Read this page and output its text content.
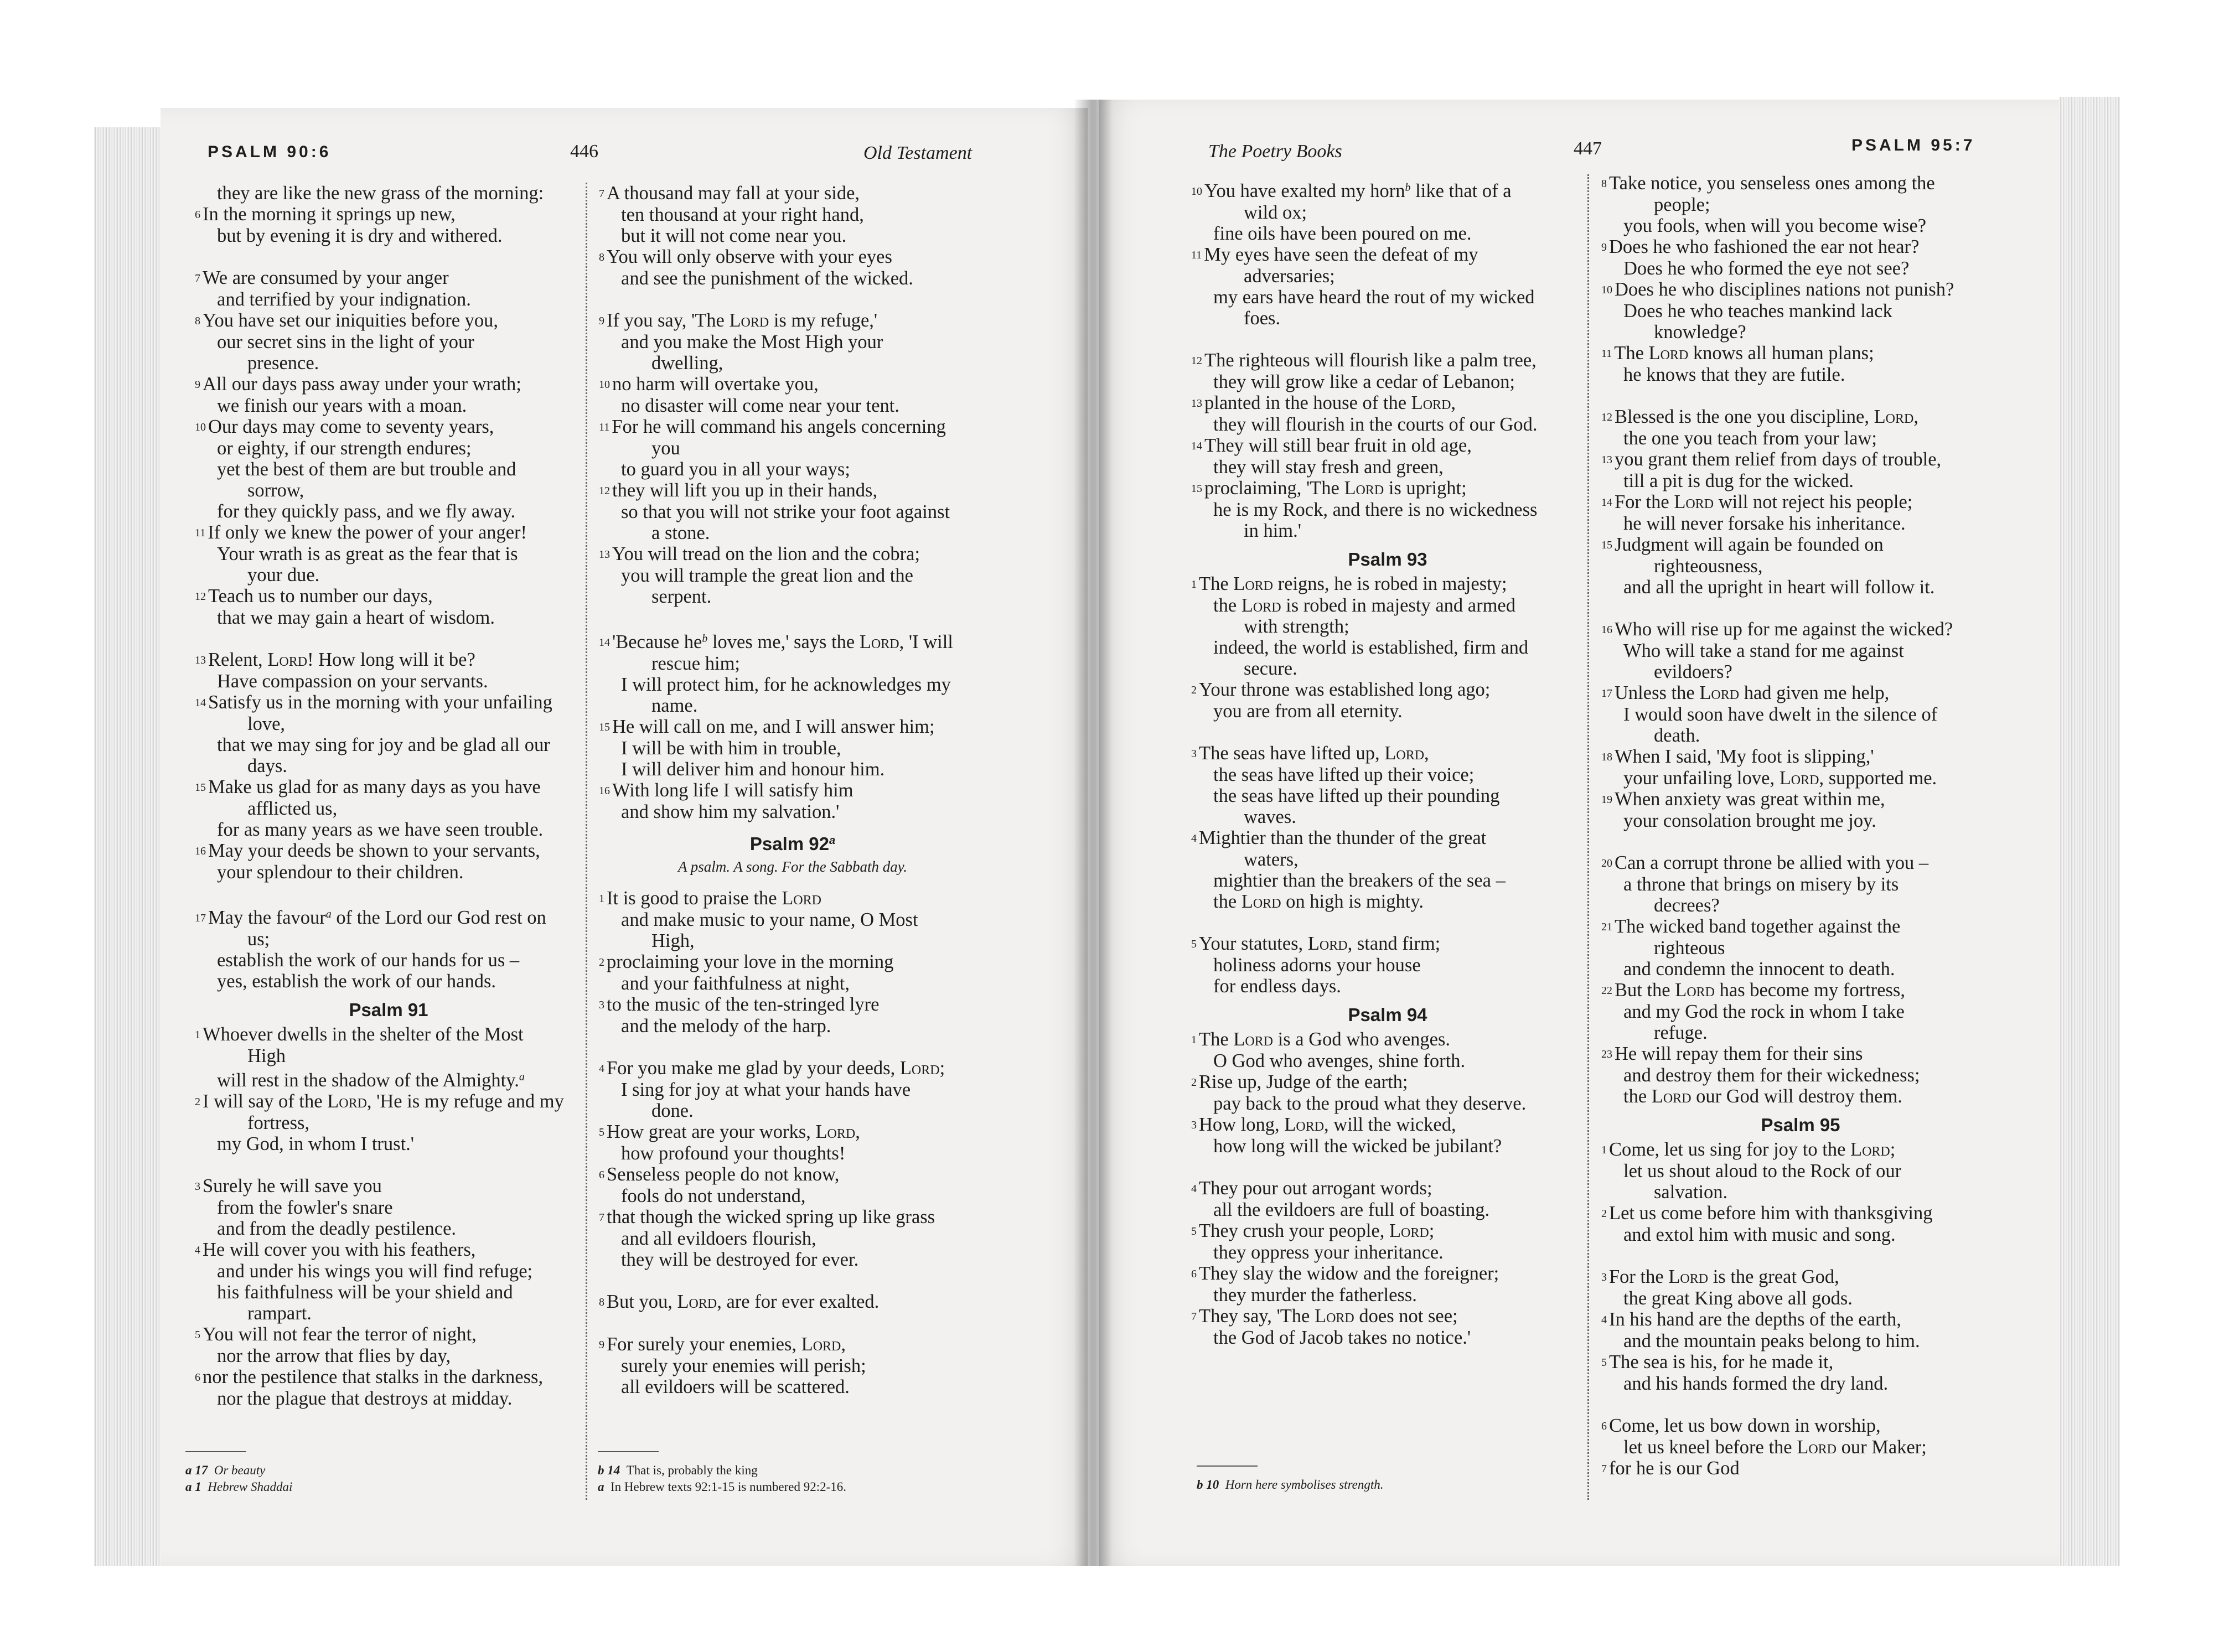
PSALM 90:6	446	Old Testament	The Poetry Books	447	PSALM 95:7
they are like the new grass of the morning:
6 In the morning it springs up new,
but by evening it is dry and withered.
7 We are consumed by your anger
and terrified by your indignation.
8 You have set our iniquities before you,
our secret sins in the light of your
presence.
9 All our days pass away under your wrath;
we finish our years with a moan.
10 Our days may come to seventy years,
or eighty, if our strength endures;
yet the best of them are but trouble and
sorrow,
for they quickly pass, and we fly away.
11 If only we knew the power of your anger!
Your wrath is as great as the fear that is
your due.
12 Teach us to number our days,
that we may gain a heart of wisdom.
13 Relent, Lord! How long will it be?
Have compassion on your servants.
14 Satisfy us in the morning with your unfailing
love,
that we may sing for joy and be glad all our
days.
15 Make us glad for as many days as you have
afflicted us,
for as many years as we have seen trouble.
16 May your deeds be shown to your servants,
your splendour to their children.
17 May the favour$^a$ of the Lord our God rest on
us;
establish the work of our hands for us –
yes, establish the work of our hands.
Psalm 91
1 Whoever dwells in the shelter of the Most
High
will rest in the shadow of the Almighty.$^a$
2 I will say of the Lord, 'He is my refuge and my
fortress,
my God, in whom I trust.'
3 Surely he will save you
from the fowler's snare
and from the deadly pestilence.
4 He will cover you with his feathers,
and under his wings you will find refuge;
his faithfulness will be your shield and
rampart.
5 You will not fear the terror of night,
nor the arrow that flies by day,
6 nor the pestilence that stalks in the darkness,
nor the plague that destroys at midday.
7 A thousand may fall at your side,
ten thousand at your right hand,
but it will not come near you.
8 You will only observe with your eyes
and see the punishment of the wicked.
9 If you say, 'The Lord is my refuge,'
and you make the Most High your
dwelling,
10 no harm will overtake you,
no disaster will come near your tent.
11 For he will command his angels concerning
you
to guard you in all your ways;
12 they will lift you up in their hands,
so that you will not strike your foot against
a stone.
13 You will tread on the lion and the cobra;
you will trample the great lion and the
serpent.
14 'Because he$^b$ loves me,' says the Lord, 'I will
rescue him;
I will protect him, for he acknowledges my
name.
15 He will call on me, and I will answer him;
I will be with him in trouble,
I will deliver him and honour him.
16 With long life I will satisfy him
and show him my salvation.'
Psalm 92$^a$
A psalm. A song. For the Sabbath day.
1 It is good to praise the Lord
and make music to your name, O Most
High,
2 proclaiming your love in the morning
and your faithfulness at night,
3 to the music of the ten-stringed lyre
and the melody of the harp.
4 For you make me glad by your deeds, Lord;
I sing for joy at what your hands have
done.
5 How great are your works, Lord,
how profound your thoughts!
6 Senseless people do not know,
fools do not understand,
7 that though the wicked spring up like grass
and all evildoers flourish,
they will be destroyed for ever.
8 But you, Lord, are for ever exalted.
9 For surely your enemies, Lord,
surely your enemies will perish;
all evildoers will be scattered.
10 You have exalted my horn$^b$ like that of a
wild ox;
fine oils have been poured on me.
11 My eyes have seen the defeat of my
adversaries;
my ears have heard the rout of my wicked
foes.
12 The righteous will flourish like a palm tree,
they will grow like a cedar of Lebanon;
13 planted in the house of the Lord,
they will flourish in the courts of our God.
14 They will still bear fruit in old age,
they will stay fresh and green,
15 proclaiming, 'The Lord is upright;
he is my Rock, and there is no wickedness
in him.'
Psalm 93
1 The Lord reigns, he is robed in majesty;
the Lord is robed in majesty and armed
with strength;
indeed, the world is established, firm and
secure.
2 Your throne was established long ago;
you are from all eternity.
3 The seas have lifted up, Lord,
the seas have lifted up their voice;
the seas have lifted up their pounding
waves.
4 Mightier than the thunder of the great
waters,
mightier than the breakers of the sea –
the Lord on high is mighty.
5 Your statutes, Lord, stand firm;
holiness adorns your house
for endless days.
Psalm 94
1 The Lord is a God who avenges.
O God who avenges, shine forth.
2 Rise up, Judge of the earth;
pay back to the proud what they deserve.
3 How long, Lord, will the wicked,
how long will the wicked be jubilant?
4 They pour out arrogant words;
all the evildoers are full of boasting.
5 They crush your people, Lord;
they oppress your inheritance.
6 They slay the widow and the foreigner;
they murder the fatherless.
7 They say, 'The Lord does not see;
the God of Jacob takes no notice.'
8 Take notice, you senseless ones among the
people;
you fools, when will you become wise?
9 Does he who fashioned the ear not hear?
Does he who formed the eye not see?
10 Does he who disciplines nations not punish?
Does he who teaches mankind lack
knowledge?
11 The Lord knows all human plans;
he knows that they are futile.
12 Blessed is the one you discipline, Lord,
the one you teach from your law;
13 you grant them relief from days of trouble,
till a pit is dug for the wicked.
14 For the Lord will not reject his people;
he will never forsake his inheritance.
15 Judgment will again be founded on
righteousness,
and all the upright in heart will follow it.
16 Who will rise up for me against the wicked?
Who will take a stand for me against
evildoers?
17 Unless the Lord had given me help,
I would soon have dwelt in the silence of
death.
18 When I said, 'My foot is slipping,'
your unfailing love, Lord, supported me.
19 When anxiety was great within me,
your consolation brought me joy.
20 Can a corrupt throne be allied with you –
a throne that brings on misery by its
decrees?
21 The wicked band together against the
righteous
and condemn the innocent to death.
22 But the Lord has become my fortress,
and my God the rock in whom I take
refuge.
23 He will repay them for their sins
and destroy them for their wickedness;
the Lord our God will destroy them.
Psalm 95
1 Come, let us sing for joy to the Lord;
let us shout aloud to the Rock of our
salvation.
2 Let us come before him with thanksgiving
and extol him with music and song.
3 For the Lord is the great God,
the great King above all gods.
4 In his hand are the depths of the earth,
and the mountain peaks belong to him.
5 The sea is his, for he made it,
and his hands formed the dry land.
6 Come, let us bow down in worship,
let us kneel before the Lord our Maker;
7 for he is our God
a 17 Or beauty
a 1 Hebrew Shaddai
b 14 That is, probably the king
a In Hebrew texts 92:1-15 is numbered 92:2-16.	b 10 Horn here symbolises strength.
